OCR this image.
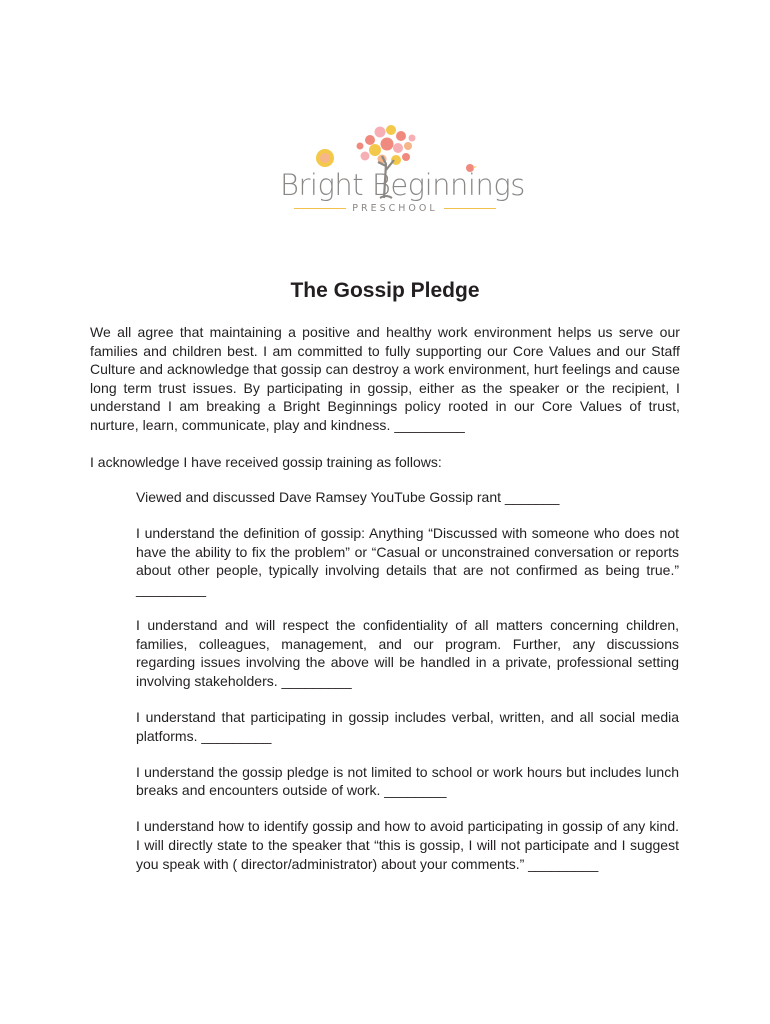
Bright Beginnings
PRESCHOOL
The Gossip Pledge

We all agree that maintaining a positive and healthy work environment helps us serve our families and children best. I am committed to fully supporting our Core Values and our Staff Culture and acknowledge that gossip can destroy a work environment, hurt feelings and cause long term trust issues. By participating in gossip, either as the speaker or the recipient, I understand I am breaking a Bright Beginnings policy rooted in our Core Values of trust, nurture, learn, communicate, play and kindness. _________

I acknowledge I have received gossip training as follows:

Viewed and discussed Dave Ramsey YouTube Gossip rant _______

I understand the definition of gossip: Anything “Discussed with someone who does not have the ability to fix the problem” or “Casual or unconstrained conversation or reports about other people, typically involving details that are not confirmed as being true.” _________

I understand and will respect the confidentiality of all matters concerning children, families, colleagues, management, and our program. Further, any discussions regarding issues involving the above will be handled in a private, professional setting involving stakeholders. _________

I understand that participating in gossip includes verbal, written, and all social media platforms. _________

I understand the gossip pledge is not limited to school or work hours but includes lunch breaks and encounters outside of work. ________

I understand how to identify gossip and how to avoid participating in gossip of any kind. I will directly state to the speaker that “this is gossip, I will not participate and I suggest you speak with ( director/administrator) about your comments.” _________
